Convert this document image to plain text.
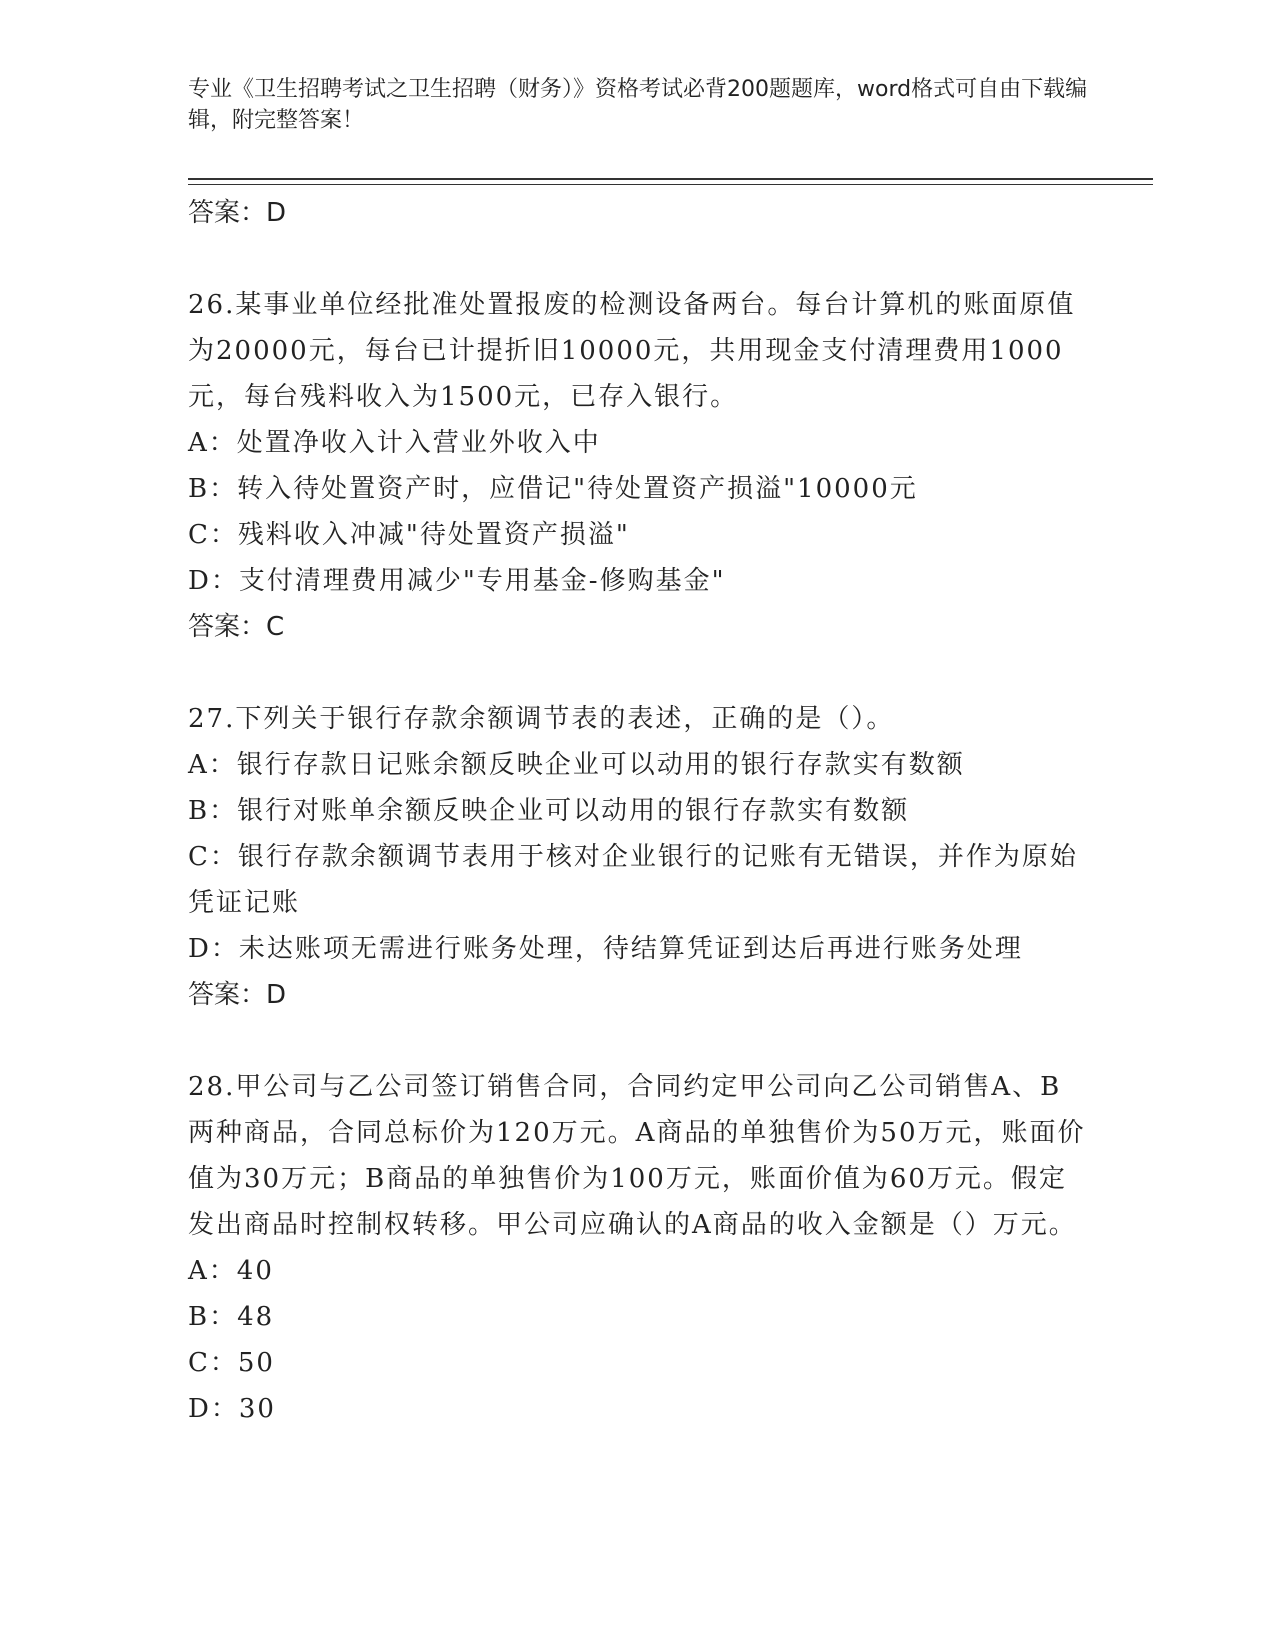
专业《卫生招聘考试之卫生招聘（财务）》资格考试必背200题题库，word格式可自由下载编辑，附完整答案！
答案：D
26.某事业单位经批准处置报废的检测设备两台。每台计算机的账面原值为20000元，每台已计提折旧10000元，共用现金支付清理费用1000元，每台残料收入为1500元，已存入银行。
A：处置净收入计入营业外收入中
B：转入待处置资产时，应借记"待处置资产损溢"10000元
C：残料收入冲减"待处置资产损溢"
D：支付清理费用减少"专用基金-修购基金"
答案：C
27.下列关于银行存款余额调节表的表述，正确的是（）。
A：银行存款日记账余额反映企业可以动用的银行存款实有数额
B：银行对账单余额反映企业可以动用的银行存款实有数额
C：银行存款余额调节表用于核对企业银行的记账有无错误，并作为原始凭证记账
D：未达账项无需进行账务处理，待结算凭证到达后再进行账务处理
答案：D
28.甲公司与乙公司签订销售合同，合同约定甲公司向乙公司销售A、B两种商品，合同总标价为120万元。A商品的单独售价为50万元，账面价值为30万元；B商品的单独售价为100万元，账面价值为60万元。假定发出商品时控制权转移。甲公司应确认的A商品的收入金额是（）万元。
A：40
B：48
C：50
D：30
